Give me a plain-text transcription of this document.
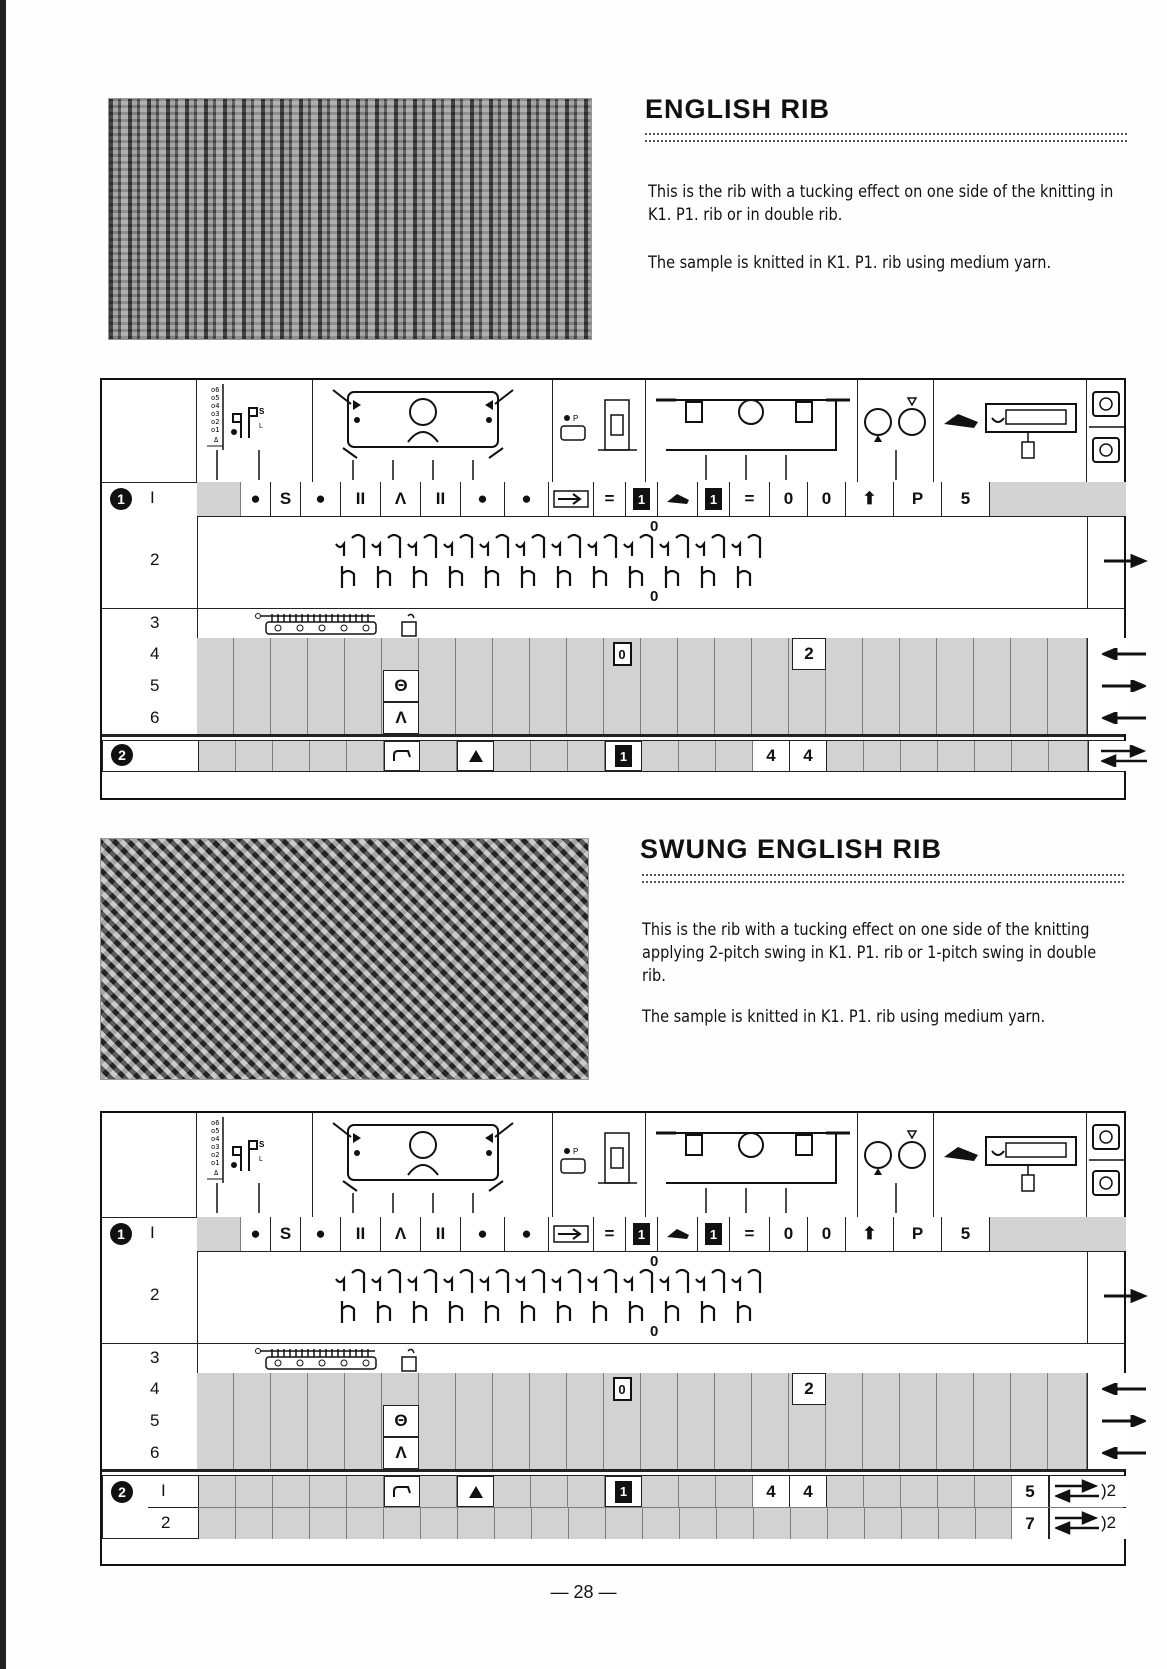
ENGLISH RIB
This is the rib with a tucking effect on one side of the knitting in K1. P1. rib or in double rib.
The sample is knitted in K1. P1. rib using medium yarn.
o6
o5
o4
o3
o2
o1
Δ
S
L
P
I	●	S	●	II	Λ	II	●	●	=	1	1	=	0	0	⬆	P	5
1
2
0
0
3
4	0	2
5	Θ
6	Λ
2	1	4	4
SWUNG ENGLISH RIB
This is the rib with a tucking effect on one side of the knitting applying 2-pitch swing in K1. P1. rib or 1-pitch swing in double rib.
The sample is knitted in K1. P1. rib using medium yarn.
o6
o5
o4
o3
o2
o1
Δ
S
L
P
I	●	S	●	II	Λ	II	●	●	=	1	1	=	0	0	⬆	P	5
1
2
0
0
3
4	0	2
5	Θ
6	Λ
2	I	1	4	4	5	)2
2	7	)2
— 28 —
